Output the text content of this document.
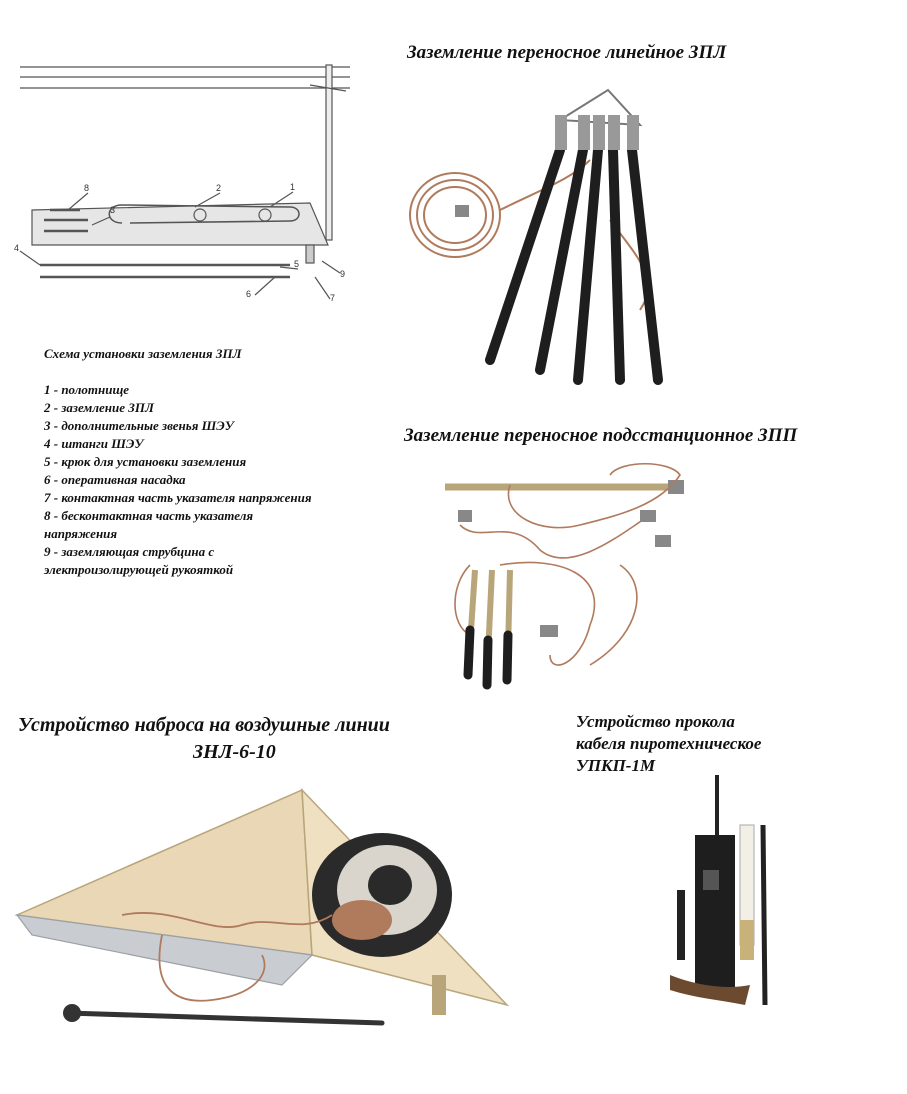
8
3
2	1
4
5
6	7
9
Схема установки заземления ЗПЛ
1 - полотнище
2 - заземление ЗПЛ
3 - дополнительные звенья ШЭУ
4 - штанги ШЭУ
5 - крюк для установки заземления
6 - оперативная насадка
7 - контактная часть указателя напряжения
8 - бесконтактная часть указателя напряжения
9 - заземляющая струбцина с электроизолирующей рукояткой
Заземление переносное линейное ЗПЛ
Заземление переносное подсстанционное ЗПП
Устройство наброса на воздушные линии
ЗНЛ-6-10
Устройство прокола
кабеля пиротехническое
УПКП-1М
